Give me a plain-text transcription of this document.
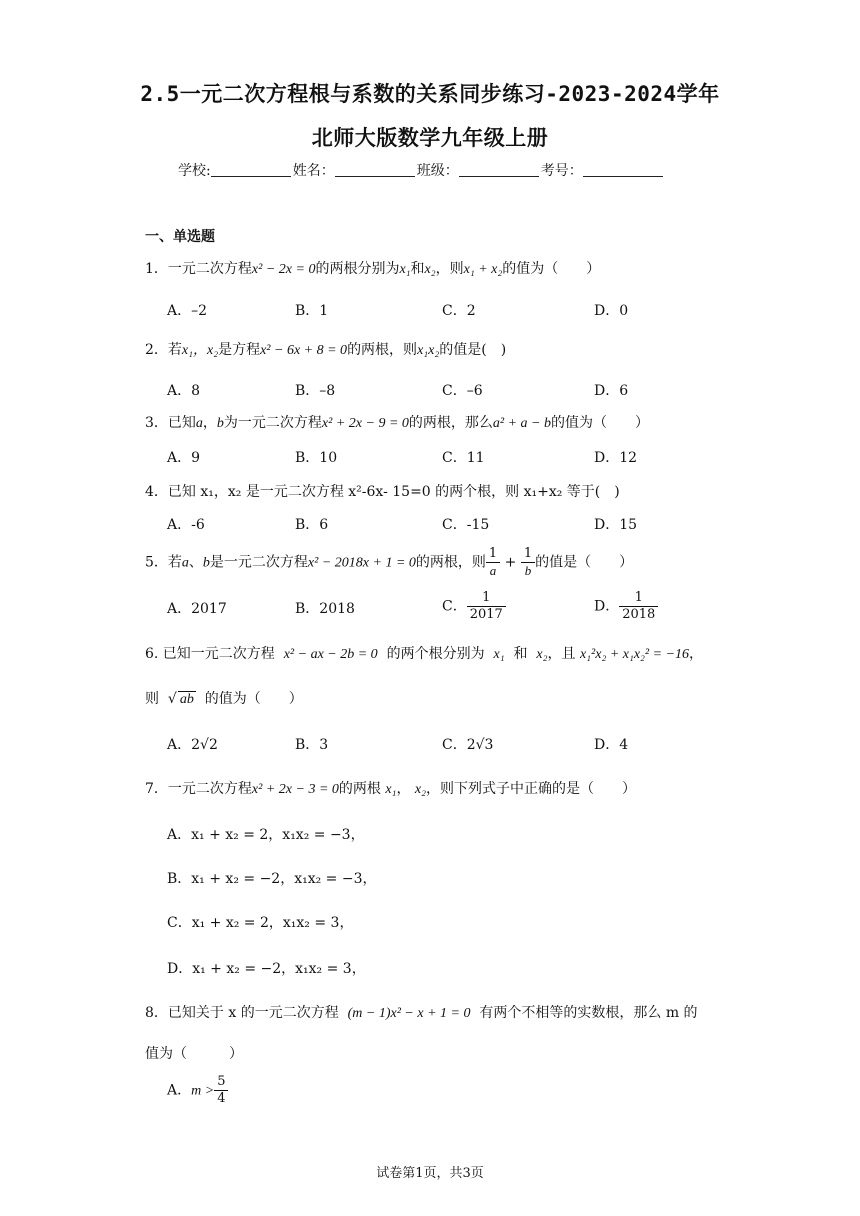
2.5一元二次方程根与系数的关系同步练习-2023-2024学年
北师大版数学九年级上册
学校:	姓名：	班级：	考号：
一、单选题
1．一元二次方程x² − 2x = 0的两根分别为x₁和x₂，则x₁ + x₂的值为（　　）
A．–2	B．1	C．2	D．0
2．若x₁，x₂是方程x² − 6x + 8 = 0的两根，则x₁x₂的值是(　)
A．8	B．–8	C．–6	D．6
3．已知a，b为一元二次方程x² + 2x − 9 = 0的两根，那么a² + a − b的值为（　　）
A．9	B．10	C．11	D．12
4．已知 x₁，x₂ 是一元二次方程 x²-6x- 15=0 的两个根，则 x₁+x₂ 等于(　)
A．-6	B．6	C．-15	D．15
5．若a、b是一元二次方程x² − 2018x + 1 = 0的两根，则 $\frac{1}{a} + \frac{1}{b}$ 的值是（　　）
A．2017	B．2018	C． $\frac{1}{2017}$	D． $\frac{1}{2018}$
6. 已知一元二次方程 x² − ax − 2b = 0 的两个根分别为 x₁ 和 x₂，且 x₁²x₂ + x₁x₂² = −16，
则 √ ab 的值为（　　）
A．2√2	B．3	C．2√3	D．4
7．一元二次方程x² + 2x − 3 = 0的两根 x₁， x₂，则下列式子中正确的是（　　）
A．x₁ + x₂ = 2，x₁x₂ = −3，
B．x₁ + x₂ = −2，x₁x₂ = −3，
C．x₁ + x₂ = 2，x₁x₂ = 3，
D．x₁ + x₂ = −2，x₁x₂ = 3，
8．已知关于 x 的一元二次方程 (m − 1)x² − x + 1 = 0 有两个不相等的实数根，那么 m 的
值为（　　　）
A．$m > \frac{5}{4}$
试卷第1页，共3页
